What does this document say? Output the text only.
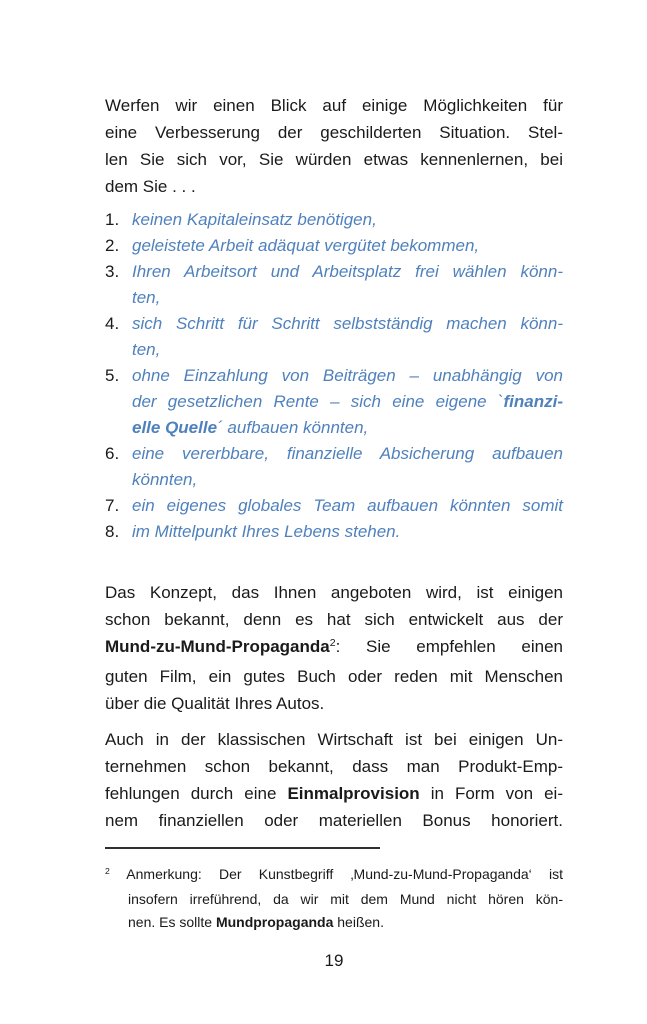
Werfen wir einen Blick auf einige Möglichkeiten für
eine Verbesserung der geschilderten Situation. Stel-
len Sie sich vor, Sie würden etwas kennenlernen, bei
dem Sie . . .
1. keinen Kapitaleinsatz benötigen,
2. geleistete Arbeit adäquat vergütet bekommen,
3. Ihren Arbeitsort und Arbeitsplatz frei wählen könn-
ten,
4. sich Schritt für Schritt selbstständig machen könn-
ten,
5. ohne Einzahlung von Beiträgen – unabhängig von
der gesetzlichen Rente – sich eine eigene `finanzi-
elle Quelle´ aufbauen könnten,
6. eine vererbbare, finanzielle Absicherung aufbauen
könnten,
7. ein eigenes globales Team aufbauen könnten somit
8. im Mittelpunkt Ihres Lebens stehen.
Das Konzept, das Ihnen angeboten wird, ist einigen
schon bekannt, denn es hat sich entwickelt aus der
Mund-zu-Mund-Propaganda$^2$: Sie empfehlen einen
guten Film, ein gutes Buch oder reden mit Menschen
über die Qualität Ihres Autos.
Auch in der klassischen Wirtschaft ist bei einigen Un-
ternehmen schon bekannt, dass man Produkt-Emp-
fehlungen durch eine Einmalprovision in Form von ei-
nem finanziellen oder materiellen Bonus honoriert.
$^2$ Anmerkung: Der Kunstbegriff ‚Mund-zu-Mund-Propaganda‘ ist
insofern irreführend, da wir mit dem Mund nicht hören kön-
nen. Es sollte Mundpropaganda heißen.
19
